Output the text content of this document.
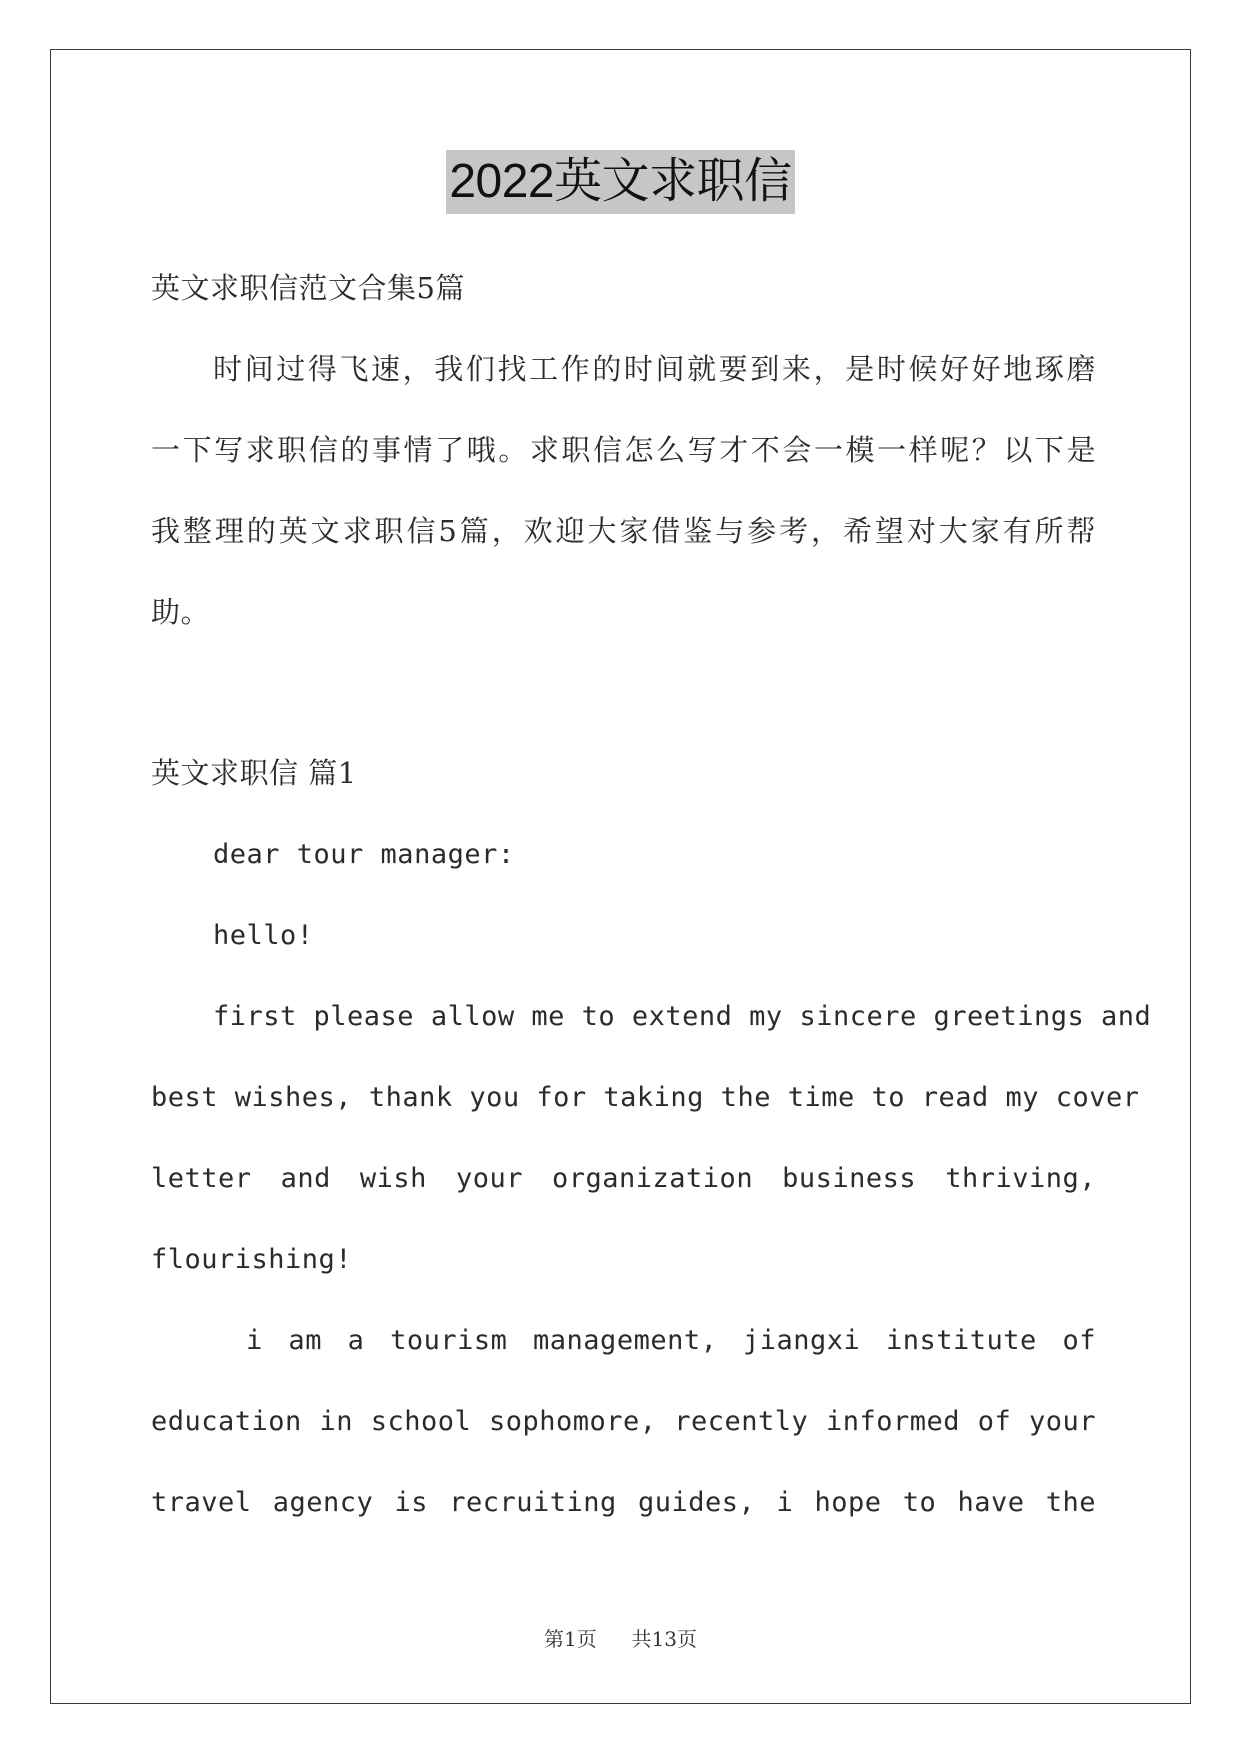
2022英文求职信
英文求职信范文合集5篇
时间过得飞速，我们找工作的时间就要到来，是时候好好地琢磨
一下写求职信的事情了哦。求职信怎么写才不会一模一样呢？以下是
我整理的英文求职信5篇，欢迎大家借鉴与参考，希望对大家有所帮
助。
英文求职信 篇1
dear tour manager:
hello!
first please allow me to extend my sincere greetings and
best wishes, thank you for taking the time to read my cover
letter and wish your organization business thriving,
flourishing!
i am a tourism management, jiangxi institute of
education in school sophomore, recently informed of your
travel agency is recruiting guides, i hope to have the
第1页 共13页
